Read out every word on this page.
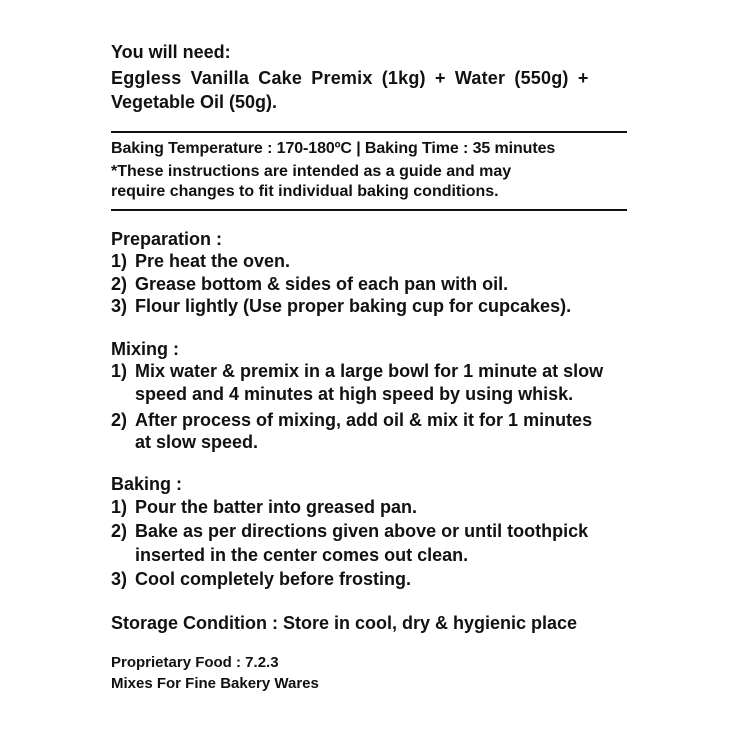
You will need:
Eggless Vanilla Cake Premix (1kg) + Water (550g) +
Vegetable Oil (50g).
Baking Temperature : 170-180ºC | Baking Time : 35 minutes
*These instructions are intended as a guide and may
require changes to fit individual baking conditions.
Preparation :
1) Pre heat the oven.
2) Grease bottom & sides of each pan with oil.
3) Flour lightly (Use proper baking cup for cupcakes).
Mixing :
1) Mix water & premix in a large bowl for 1 minute at slow
speed and 4 minutes at high speed by using whisk.
2) After process of mixing, add oil & mix it for 1 minutes
at slow speed.
Baking :
1) Pour the batter into greased pan.
2) Bake as per directions given above or until toothpick
inserted in the center comes out clean.
3) Cool completely before frosting.
Storage Condition : Store in cool, dry & hygienic place
Proprietary Food : 7.2.3
Mixes For Fine Bakery Wares
